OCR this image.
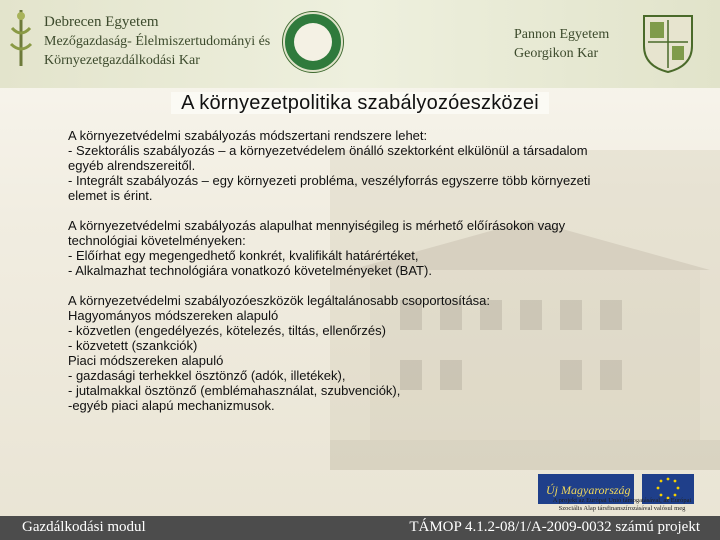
Debrecen Egyetem
Mezőgazdaság- Élelmiszertudományi és
Környezetgazdálkodási Kar
Pannon Egyetem
Georgikon Kar
A környezetpolitika szabályozóeszközei
A környezetvédelmi szabályozás módszertani rendszere lehet:
- Szektorális szabályozás – a környezetvédelem önálló szektorként elkülönül a társadalom
egyéb alrendszereitől.
- Integrált szabályozás – egy környezeti probléma, veszélyforrás egyszerre több környezeti
elemet is érint.
A környezetvédelmi szabályozás alapulhat mennyiségileg is mérhető előírásokon vagy
technológiai követelményeken:
- Előírhat egy megengedhető konkrét, kvalifikált határértéket,
- Alkalmazhat technológiára vonatkozó követelményeket (BAT).
A környezetvédelmi szabályozóeszközök legáltalánosabb csoportosítása:
Hagyományos módszereken alapuló
- közvetlen (engedélyezés, kötelezés, tiltás, ellenőrzés)
- közvetett (szankciók)
Piaci módszereken alapuló
- gazdasági terhekkel ösztönző (adók, illetékek),
- jutalmakkal ösztönző (emblémahasználat, szubvenciók),
-egyéb piaci alapú mechanizmusok.
Új Magyarország
A projekt az Európai Unió támogatásával, az Európai
Szociális Alap társfinanszírozásával valósul meg
Gazdálkodási modul	TÁMOP 4.1.2-08/1/A-2009-0032 számú projekt
